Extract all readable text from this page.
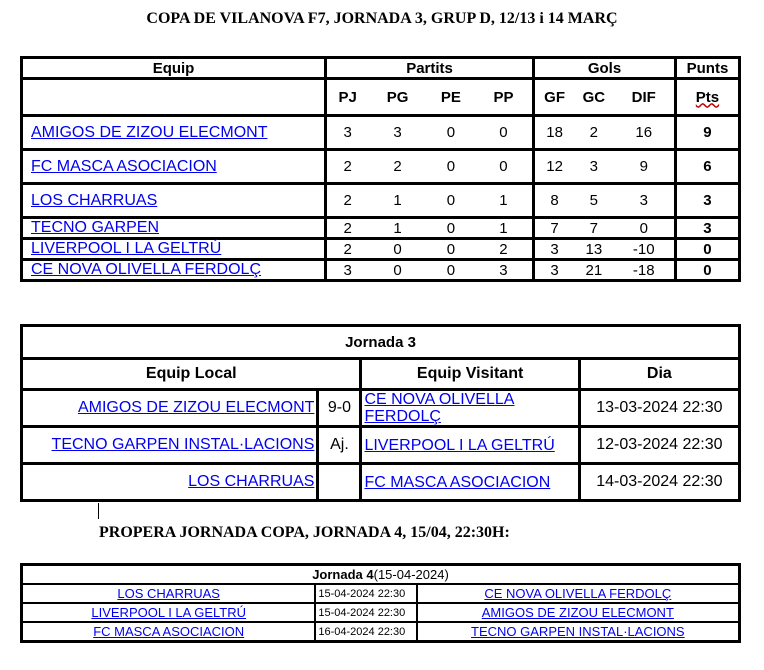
COPA DE VILANOVA F7, JORNADA 3, GRUP D, 12/13 i 14 MARÇ
Equip	Partits				Gols			Punts
	PJ	PG	PE	PP	GF	GC	DIF	Pts
AMIGOS DE ZIZOU ELECMONT	3	3	0	0	18	2	16	9
FC MASCA ASOCIACION	2	2	0	0	12	3	9	6
LOS CHARRUAS	2	1	0	1	8	5	3	3
TECNO GARPEN	2	1	0	1	7	7	0	3
LIVERPOOL I LA GELTRÚ	2	0	0	2	3	13	-10	0
CE NOVA OLIVELLA FERDOLÇ	3	0	0	3	3	21	-18	0
Jornada 3			
Equip Local		Equip Visitant	Dia
AMIGOS DE ZIZOU ELECMONT	9-0	CE NOVA OLIVELLA FERDOLÇ	13-03-2024 22:30
TECNO GARPEN INSTAL·LACIONS	Aj.	LIVERPOOL I LA GELTRÚ	12-03-2024 22:30
LOS CHARRUAS		FC MASCA ASOCIACION	14-03-2024 22:30
PROPERA JORNADA COPA, JORNADA 4, 15/04, 22:30H:
Jornada 4(15-04-2024)		
LOS CHARRUAS	15-04-2024 22:30	CE NOVA OLIVELLA FERDOLÇ
LIVERPOOL I LA GELTRÚ	15-04-2024 22:30	AMIGOS DE ZIZOU ELECMONT
FC MASCA ASOCIACION	16-04-2024 22:30	TECNO GARPEN INSTAL·LACIONS
